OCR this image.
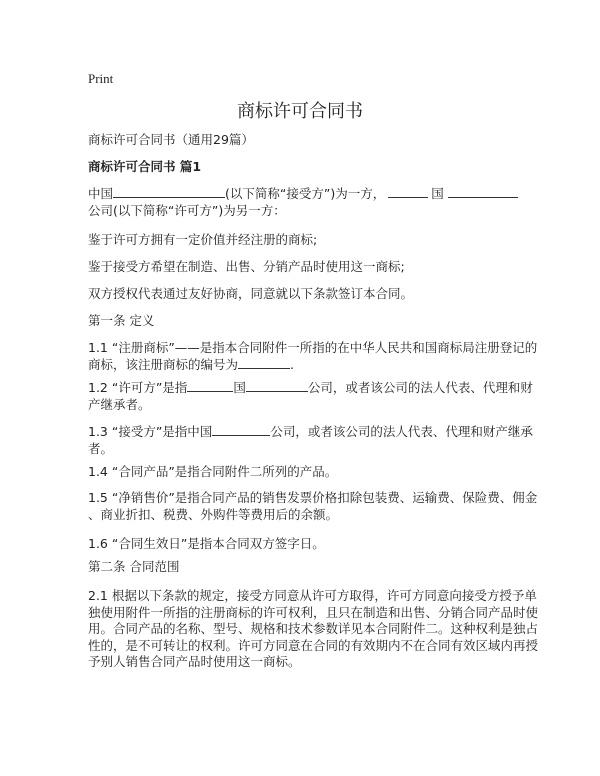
Print
商标许可合同书
商标许可合同书（通用29篇）
商标许可合同书 篇1
中国	(以下简称“接受方”)为一方，	国
公司(以下简称“许可方”)为另一方：
鉴于许可方拥有一定价值并经注册的商标;
鉴于接受方希望在制造、出售、分销产品时使用这一商标;
双方授权代表通过友好协商，同意就以下条款签订本合同。
第一条 定义
1.1 “注册商标”——是指本合同附件一所指的在中华人民共和国商标局注册登记的
商标，该注册商标的编号为	.
1.2 “许可方”是指	国	公司，或者该公司的法人代表、代理和财
产继承者。
1.3 “接受方”是指中国	公司，或者该公司的法人代表、代理和财产继承
者。
1.4 “合同产品”是指合同附件二所列的产品。
1.5 “净销售价”是指合同产品的销售发票价格扣除包装费、运输费、保险费、佣金
、商业折扣、税费、外购件等费用后的余额。
1.6 “合同生效日”是指本合同双方签字日。
第二条 合同范围
2.1 根据以下条款的规定，接受方同意从许可方取得，许可方同意向接受方授予单
独使用附件一所指的注册商标的许可权利，且只在制造和出售、分销合同产品时使
用。合同产品的名称、型号、规格和技术参数详见本合同附件二。这种权利是独占
性的，是不可转让的权利。许可方同意在合同的有效期内不在合同有效区域内再授
予别人销售合同产品时使用这一商标。
